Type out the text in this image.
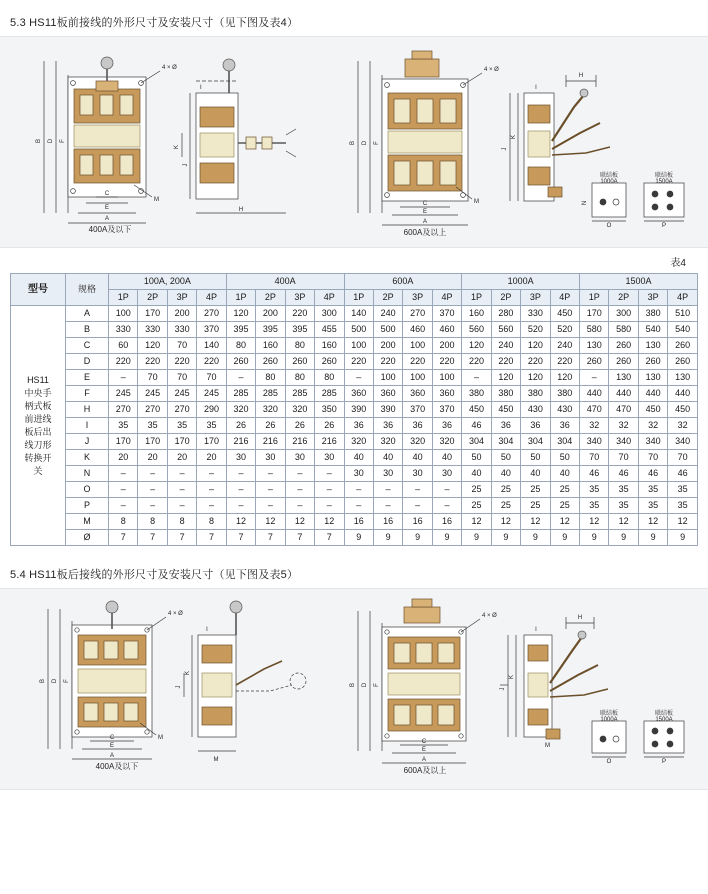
5.3 HS11板前接线的外形尺寸及安装尺寸（见下图及表4）
B D F
C
E
A
M
4 × Ø
K
J
H
I
B D F
C
E
A
M
4 × Ø
J
K
H
I
联结板
1000A
联结板
1500A
O	P
N
400A及以下	600A及以上
表4
型号	规格	100A, 200A				400A				600A				1000A				1500A			
		1P	2P	3P	4P	1P	2P	3P	4P	1P	2P	3P	4P	1P	2P	3P	4P	1P	2P	3P	4P
HS11
中央手
柄式板
前进线
板后出
线刀形
转换开
关	A	100	170	200	270	120	200	220	300	140	240	270	370	160	280	330	450	170	300	380	510
	B	330	330	330	370	395	395	395	455	500	500	460	460	560	560	520	520	580	580	540	540
	C	60	120	70	140	80	160	80	160	100	200	100	200	120	240	120	240	130	260	130	260
	D	220	220	220	220	260	260	260	260	220	220	220	220	220	220	220	220	260	260	260	260
	E	–	70	70	70	–	80	80	80	–	100	100	100	–	120	120	120	–	130	130	130
	F	245	245	245	245	285	285	285	285	360	360	360	360	380	380	380	380	440	440	440	440
	H	270	270	270	290	320	320	320	350	390	390	370	370	450	450	430	430	470	470	450	450
	I	35	35	35	35	26	26	26	26	36	36	36	36	46	36	36	36	32	32	32	32
	J	170	170	170	170	216	216	216	216	320	320	320	320	304	304	304	304	340	340	340	340
	K	20	20	20	20	30	30	30	30	40	40	40	40	50	50	50	50	70	70	70	70
	N	–	–	–	–	–	–	–	–	30	30	30	30	40	40	40	40	46	46	46	46
	O	–	–	–	–	–	–	–	–	–	–	–	–	25	25	25	25	35	35	35	35
	P	–	–	–	–	–	–	–	–	–	–	–	–	25	25	25	25	35	35	35	35
	M	8	8	8	8	12	12	12	12	16	16	16	16	12	12	12	12	12	12	12	12
	Ø	7	7	7	7	7	7	7	7	9	9	9	9	9	9	9	9	9	9	9	9
5.4 HS11板后接线的外形尺寸及安装尺寸（见下图及表5）
B D F
C
E
A
M
4 × Ø
J
K
I
M
B D F
C
E
A
4 × Ø
J
K
H
I
M
联结板
1000A
联结板
1500A
O	P
400A及以下	600A及以上
